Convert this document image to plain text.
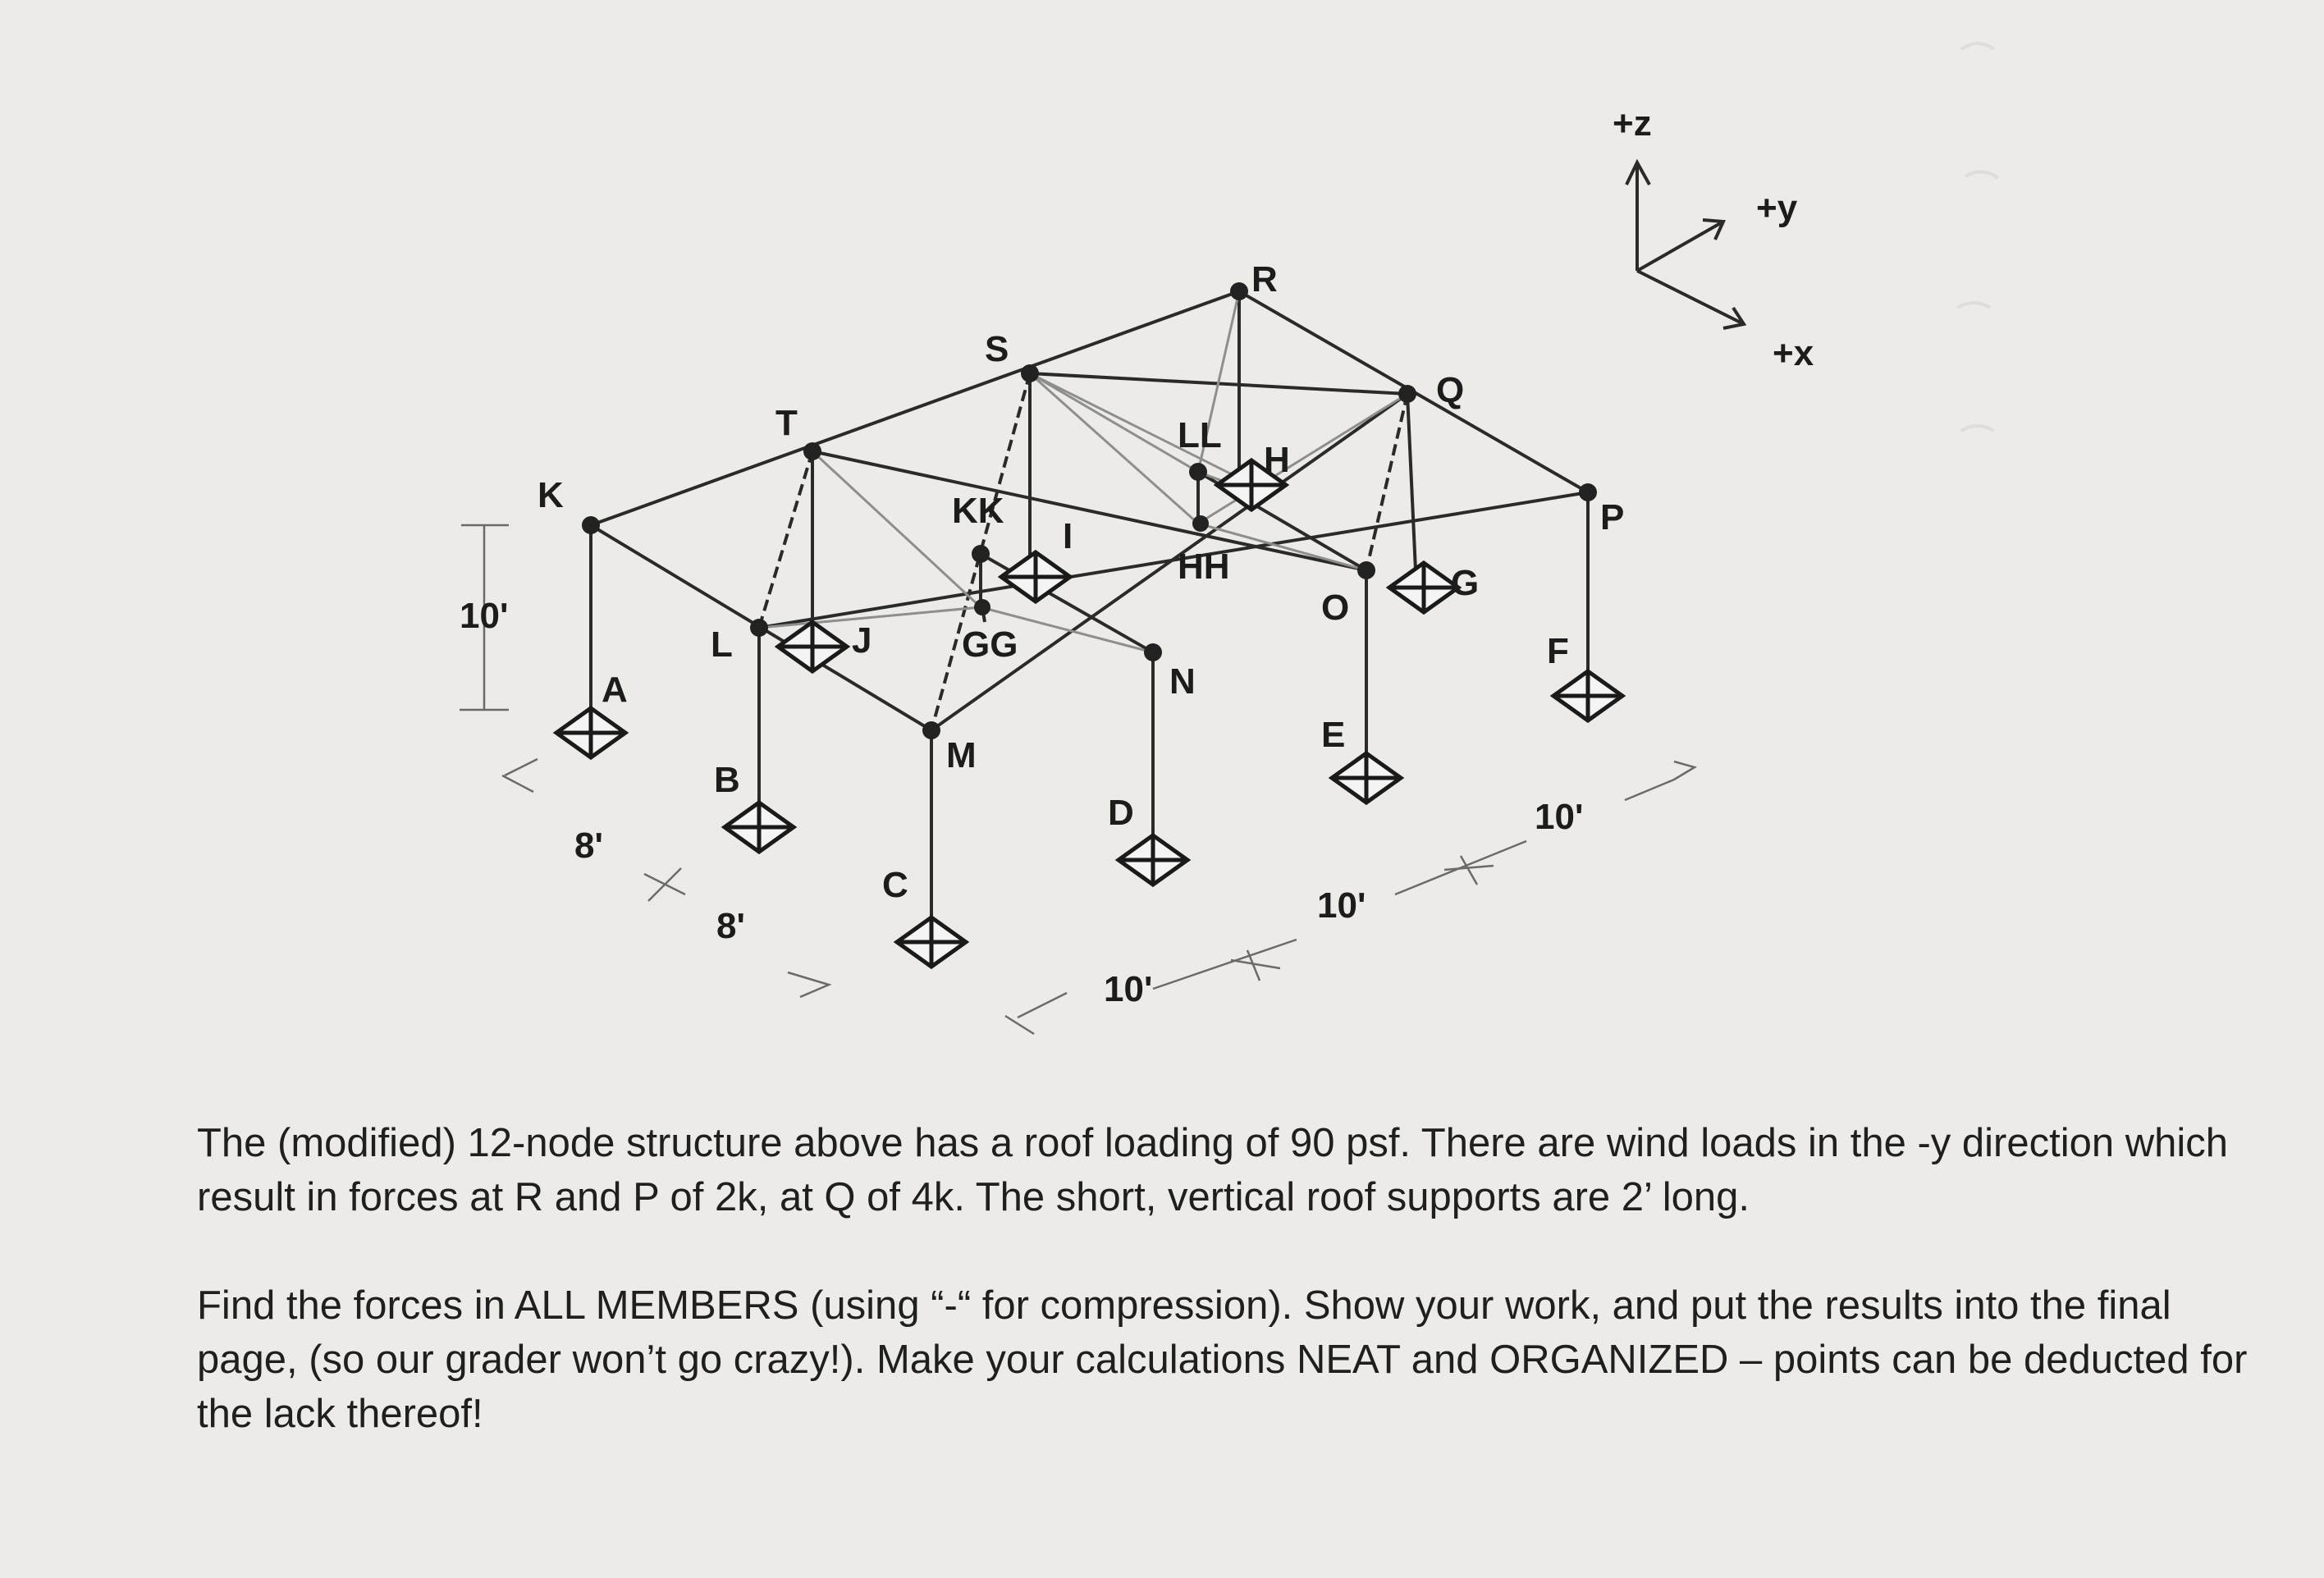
K
A
T
L	J
B
S
KK
GG
I
M
C
R
LL
H
HH
N
D
Q
O
G
E
P
F
10'
8'
8'
10'
10'
10'
+z
+y
+x

The (modified) 12-node structure above has a roof loading of 90 psf. There are wind loads in the -y direction which result in forces at R and P of 2k, at Q of 4k. The short, vertical roof supports are 2’ long.

Find the forces in ALL MEMBERS (using “-“ for compression). Show your work, and put the results into the final page, (so our grader won’t go crazy!). Make your calculations NEAT and ORGANIZED – points can be deducted for the lack thereof!
